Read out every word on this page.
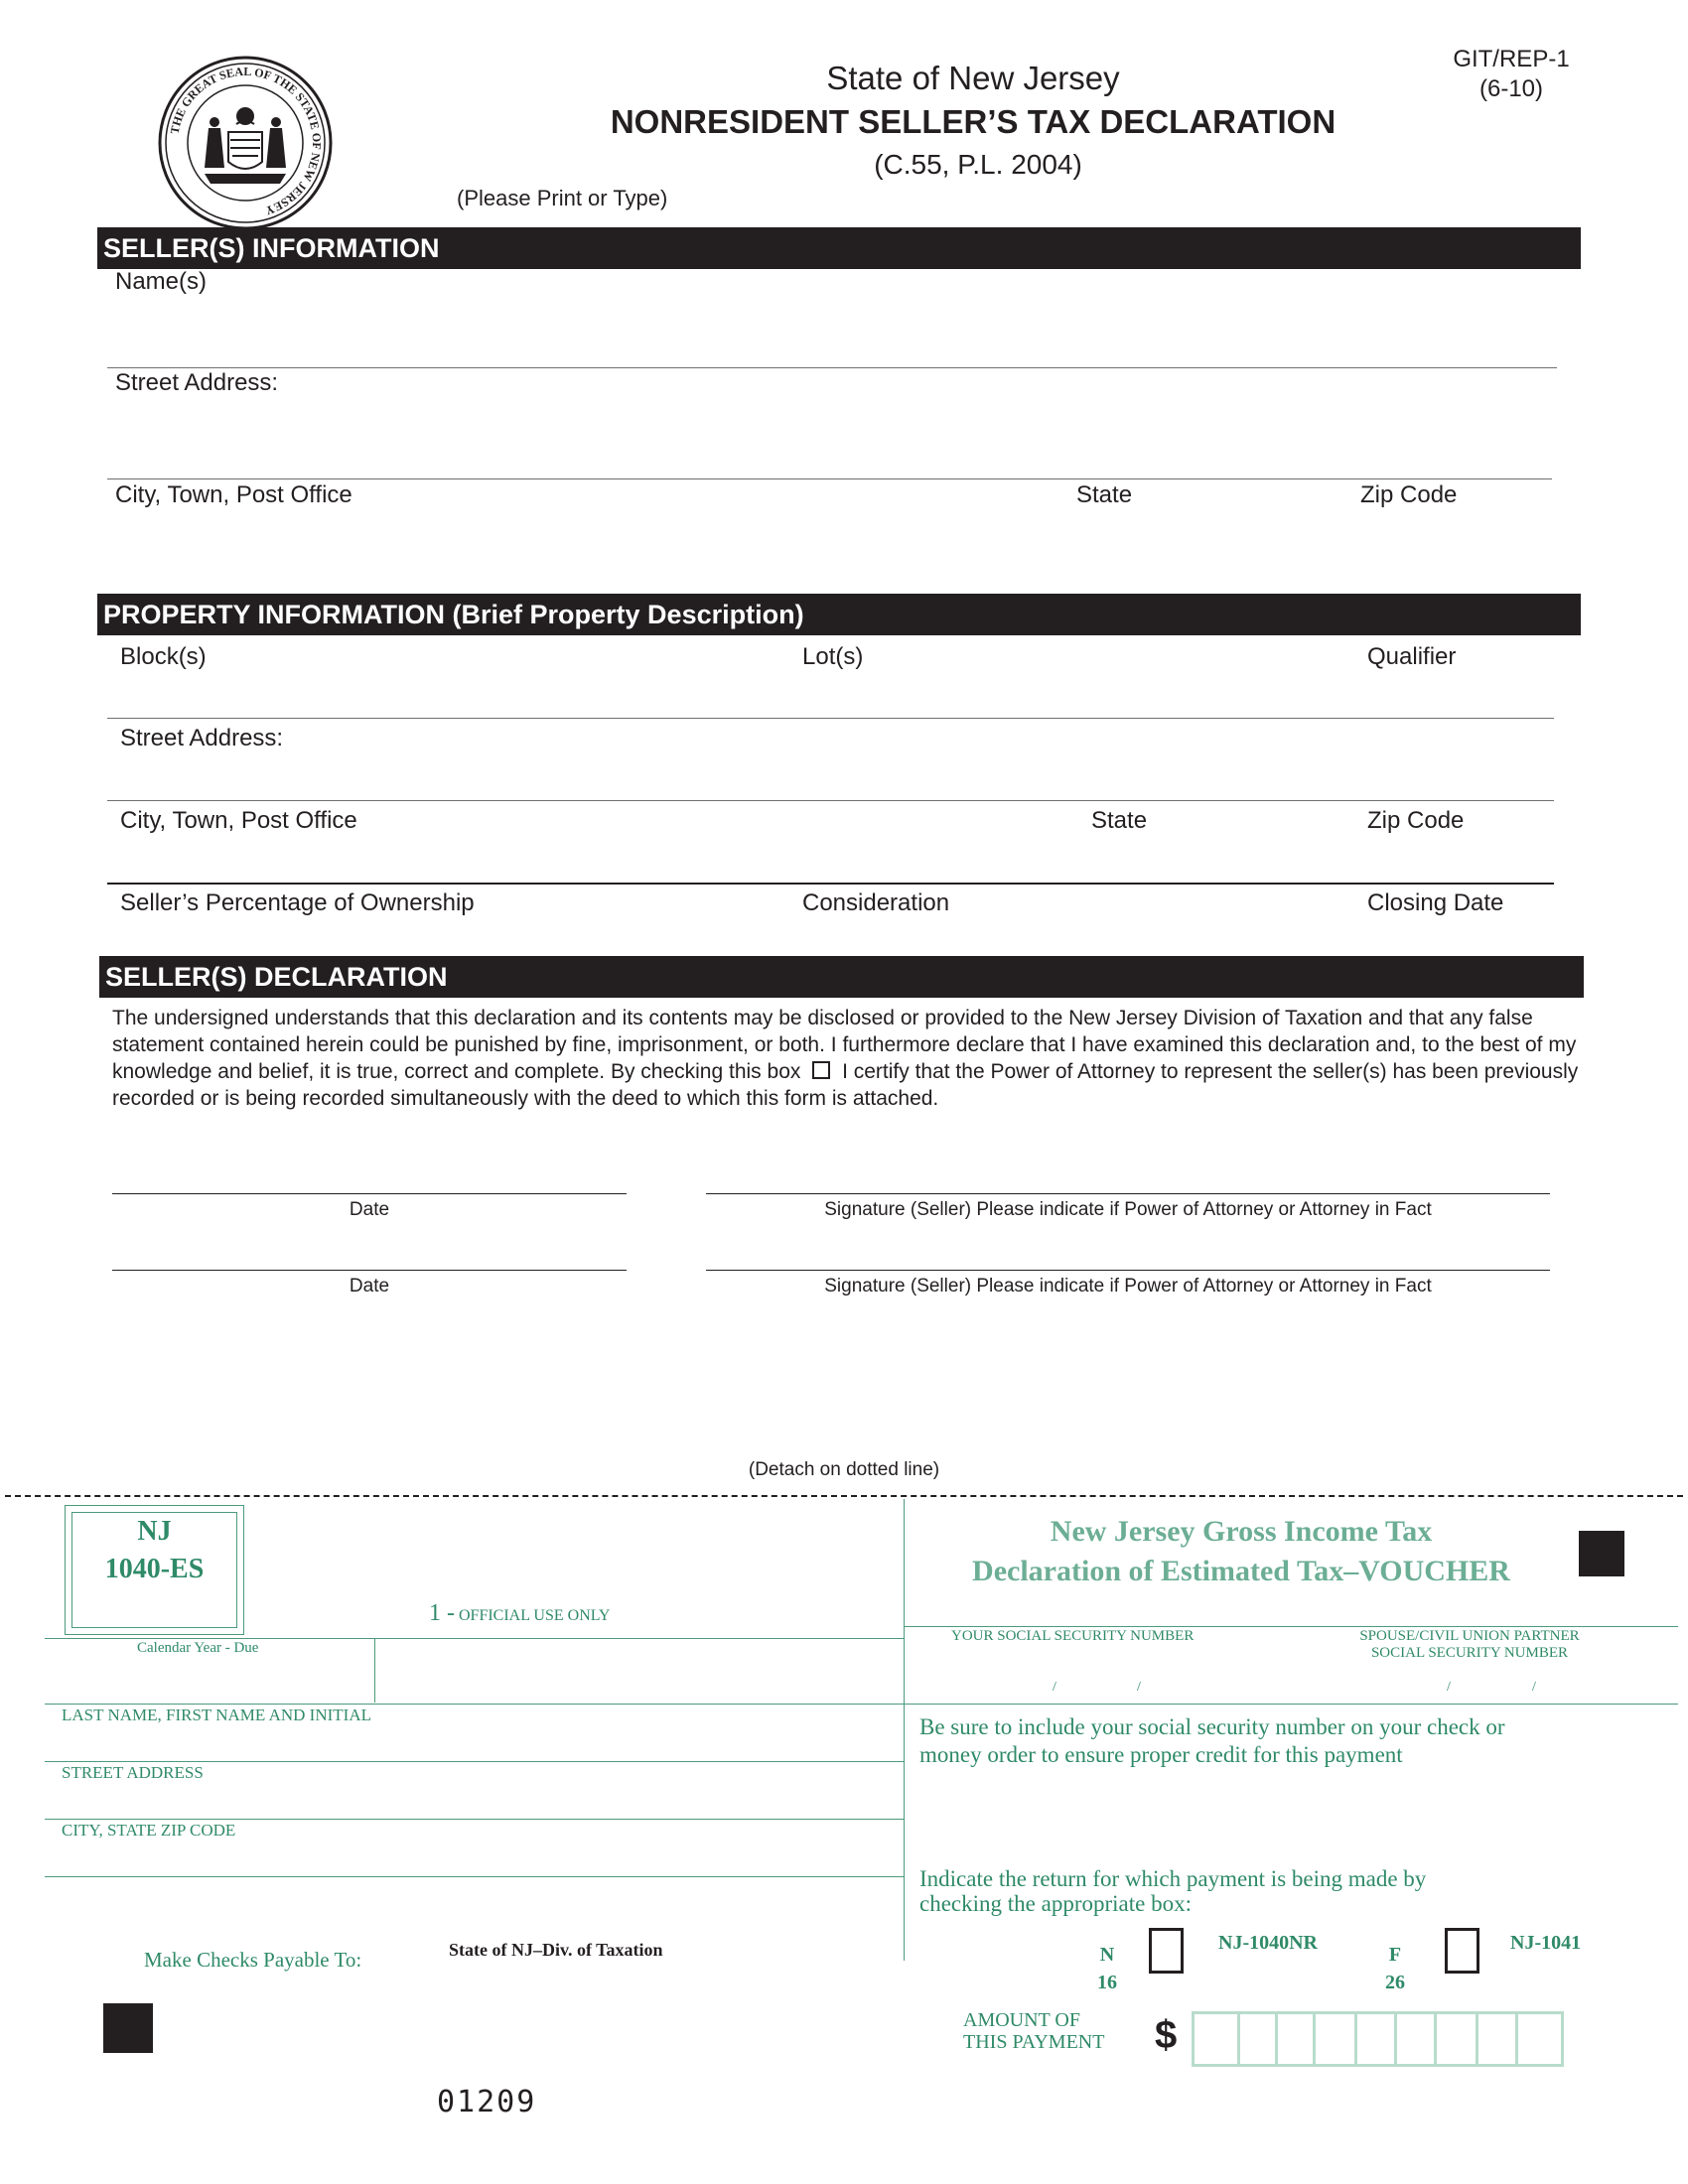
THE GREAT SEAL OF THE STATE OF NEW JERSEY
GIT/REP-1
(6-10)
State of New Jersey
NONRESIDENT SELLER’S TAX DECLARATION
(C.55, P.L. 2004)
(Please Print or Type)
SELLER(S) INFORMATION
Name(s)
Street Address:
City, Town, Post Office	State	Zip Code
PROPERTY INFORMATION (Brief Property Description)
Block(s)	Lot(s)	Qualifier
Street Address:
City, Town, Post Office	State	Zip Code
Seller’s Percentage of Ownership	Consideration	Closing Date
SELLER(S) DECLARATION
The undersigned understands that this declaration and its contents may be disclosed or provided to the New Jersey Division of Taxation and that any false statement contained herein could be punished by fine, imprisonment, or both. I furthermore declare that I have examined this declaration and, to the best of my knowledge and belief, it is true, correct and complete. By checking this box I certify that the Power of Attorney to represent the seller(s) has been previously recorded or is being recorded simultaneously with the deed to which this form is attached.
Date	Signature (Seller) Please indicate if Power of Attorney or Attorney in Fact
Date	Signature (Seller) Please indicate if Power of Attorney or Attorney in Fact
(Detach on dotted line)
NJ
1040-ES
1 - OFFICIAL USE ONLY
Calendar Year - Due
LAST NAME, FIRST NAME AND INITIAL
STREET ADDRESS
CITY, STATE ZIP CODE
New Jersey Gross Income Tax
Declaration of Estimated Tax–VOUCHER
YOUR SOCIAL SECURITY NUMBER	SPOUSE/CIVIL UNION PARTNER
SOCIAL SECURITY NUMBER
/	/	/	/
Be sure to include your social security number on your check or
money order to ensure proper credit for this payment
Indicate the return for which payment is being made by
checking the appropriate box:
N
16
NJ-1040NR
F
26
NJ-1041
Make Checks Payable To:	State of NJ–Div. of Taxation
AMOUNT OF
THIS PAYMENT $
01209
